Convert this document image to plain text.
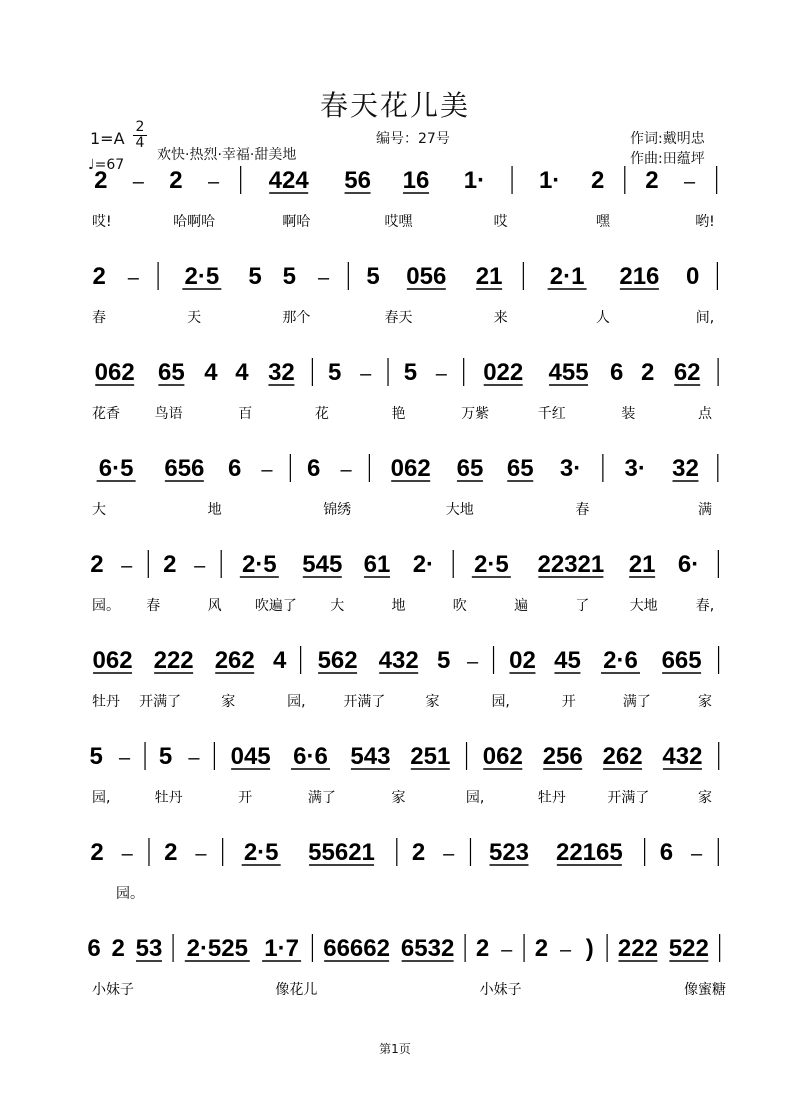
春天花儿美
编号：27号	作词:戴明忠
作曲:田蕴坪
$1=A \frac{2}{4}$
欢快·热烈·幸福·甜美地
♩=67
2 – 2 – 424 56 16 1· 1· 2 2 –
哎!	哈啊哈	啊哈	哎嘿	哎	嘿	哟!
2 – 2·5 5 5 – 5 056 21 2·1 216 0
春	天	那个	春天	来	人	间,
062 65 4 4 32 5 – 5 – 022 455 6 2 62
花香 鸟语	百	花	艳	万紫	千红	装	点
6·5 656 6 – 6 – 062 65 65 3· 3· 32
大	地	锦绣	大地	春	满
2 – 2 – 2·5 545 61 2· 2·5 22321 21 6·
园。 春	风 吹遍了 大	地	吹	遍	了	大地	春,
062 222 262 4 562 432 5 – 02 45 2·6 665
牡丹 开满了	家	园,	开满了	家	园,	开	满了	家
5 – 5 – 045 6·6 543 251 062 256 262 432
园,	牡丹	开	满了	家	园,	牡丹	开满了	家
2 – 2 – 2·5 55621 2 – 523 22165 6 –
园。
6 2 53 2·525 1·7 66662 6532 2 – 2 – ) 222 522
小妹子	像花儿	小妹子	像蜜糖
第1页
